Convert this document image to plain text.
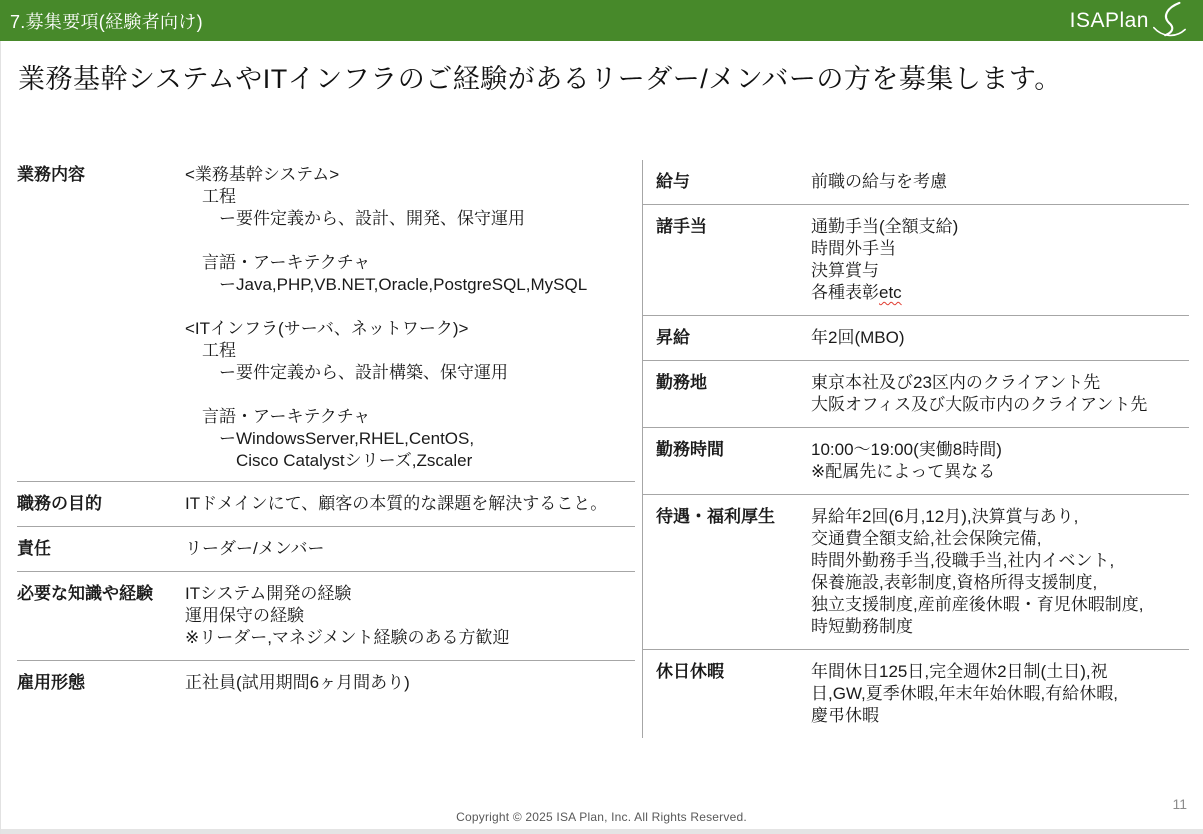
7.募集要項(経験者向け)	ISAPlan
業務基幹システムやITインフラのご経験があるリーダー/メンバーの方を募集します。
業務内容	<業務基幹システム>
　工程
　　ー要件定義から、設計、開発、保守運用

　言語・アーキテクチャ
　　ーJava,PHP,VB.NET,Oracle,PostgreSQL,MySQL

<ITインフラ(サーバ、ネットワーク)>
　工程
　　ー要件定義から、設計構築、保守運用

　言語・アーキテクチャ
　　ーWindowsServer,RHEL,CentOS,
　　　Cisco Catalystシリーズ,Zscaler
職務の目的	ITドメインにて、顧客の本質的な課題を解決すること。
責任	リーダー/メンバー
必要な知識や経験	ITシステム開発の経験
運用保守の経験
※リーダー,マネジメント経験のある方歓迎
雇用形態	正社員(試用期間6ヶ月間あり)
給与	前職の給与を考慮
諸手当	通勤手当(全額支給)
時間外手当
決算賞与
各種表彰etc
昇給	年2回(MBO)
勤務地	東京本社及び23区内のクライアント先
大阪オフィス及び大阪市内のクライアント先
勤務時間	10:00〜19:00(実働8時間)
※配属先によって異なる
待遇・福利厚生	昇給年2回(6月,12月),決算賞与あり,
交通費全額支給,社会保険完備,
時間外勤務手当,役職手当,社内イベント,
保養施設,表彰制度,資格所得支援制度,
独立支援制度,産前産後休暇・育児休暇制度,
時短勤務制度
休日休暇	年間休日125日,完全週休2日制(土日),祝
日,GW,夏季休暇,年末年始休暇,有給休暇,
慶弔休暇
Copyright © 2025 ISA Plan, Inc. All Rights Reserved.
11
